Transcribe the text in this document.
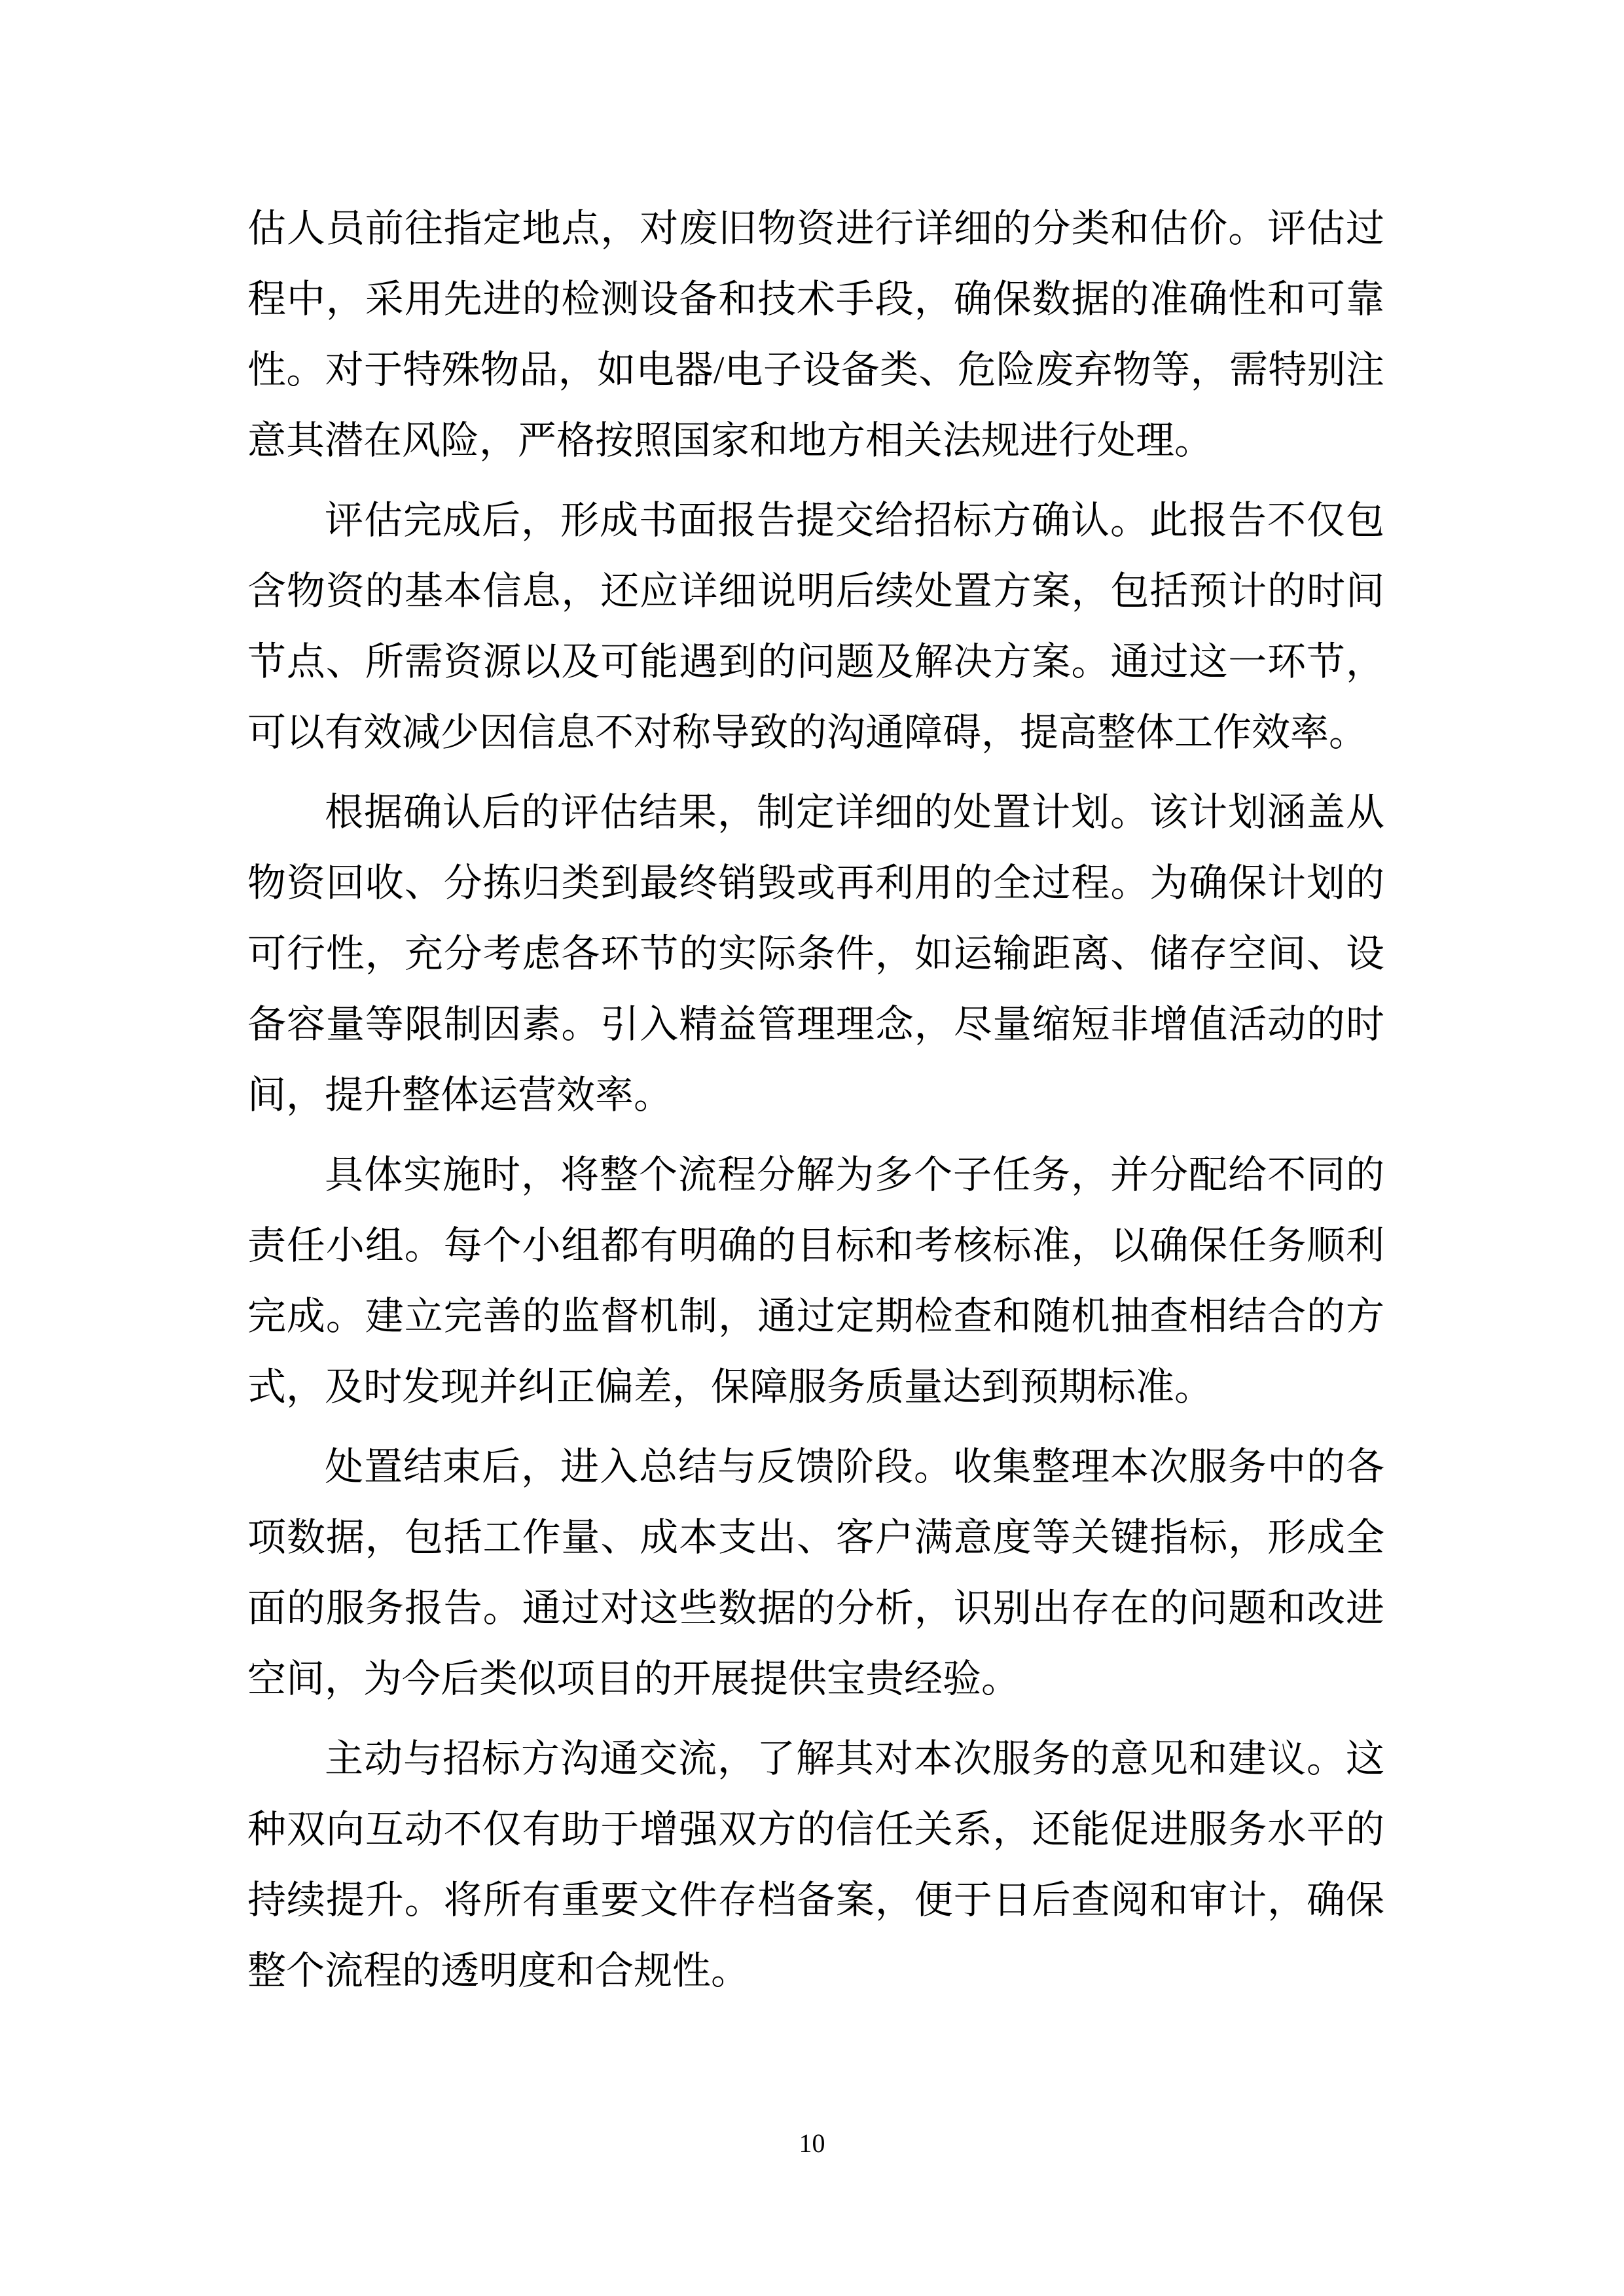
估人员前往指定地点，对废旧物资进行详细的分类和估价。评估过
程中，采用先进的检测设备和技术手段，确保数据的准确性和可靠
性。对于特殊物品，如电器/电子设备类、危险废弃物等，需特别注
意其潜在风险，严格按照国家和地方相关法规进行处理。
评估完成后，形成书面报告提交给招标方确认。此报告不仅包
含物资的基本信息，还应详细说明后续处置方案，包括预计的时间
节点、所需资源以及可能遇到的问题及解决方案。通过这一环节，
可以有效减少因信息不对称导致的沟通障碍，提高整体工作效率。
根据确认后的评估结果，制定详细的处置计划。该计划涵盖从
物资回收、分拣归类到最终销毁或再利用的全过程。为确保计划的
可行性，充分考虑各环节的实际条件，如运输距离、储存空间、设
备容量等限制因素。引入精益管理理念，尽量缩短非增值活动的时
间，提升整体运营效率。
具体实施时，将整个流程分解为多个子任务，并分配给不同的
责任小组。每个小组都有明确的目标和考核标准，以确保任务顺利
完成。建立完善的监督机制，通过定期检查和随机抽查相结合的方
式，及时发现并纠正偏差，保障服务质量达到预期标准。
处置结束后，进入总结与反馈阶段。收集整理本次服务中的各
项数据，包括工作量、成本支出、客户满意度等关键指标，形成全
面的服务报告。通过对这些数据的分析，识别出存在的问题和改进
空间，为今后类似项目的开展提供宝贵经验。
主动与招标方沟通交流，了解其对本次服务的意见和建议。这
种双向互动不仅有助于增强双方的信任关系，还能促进服务水平的
持续提升。将所有重要文件存档备案，便于日后查阅和审计，确保
整个流程的透明度和合规性。
10
